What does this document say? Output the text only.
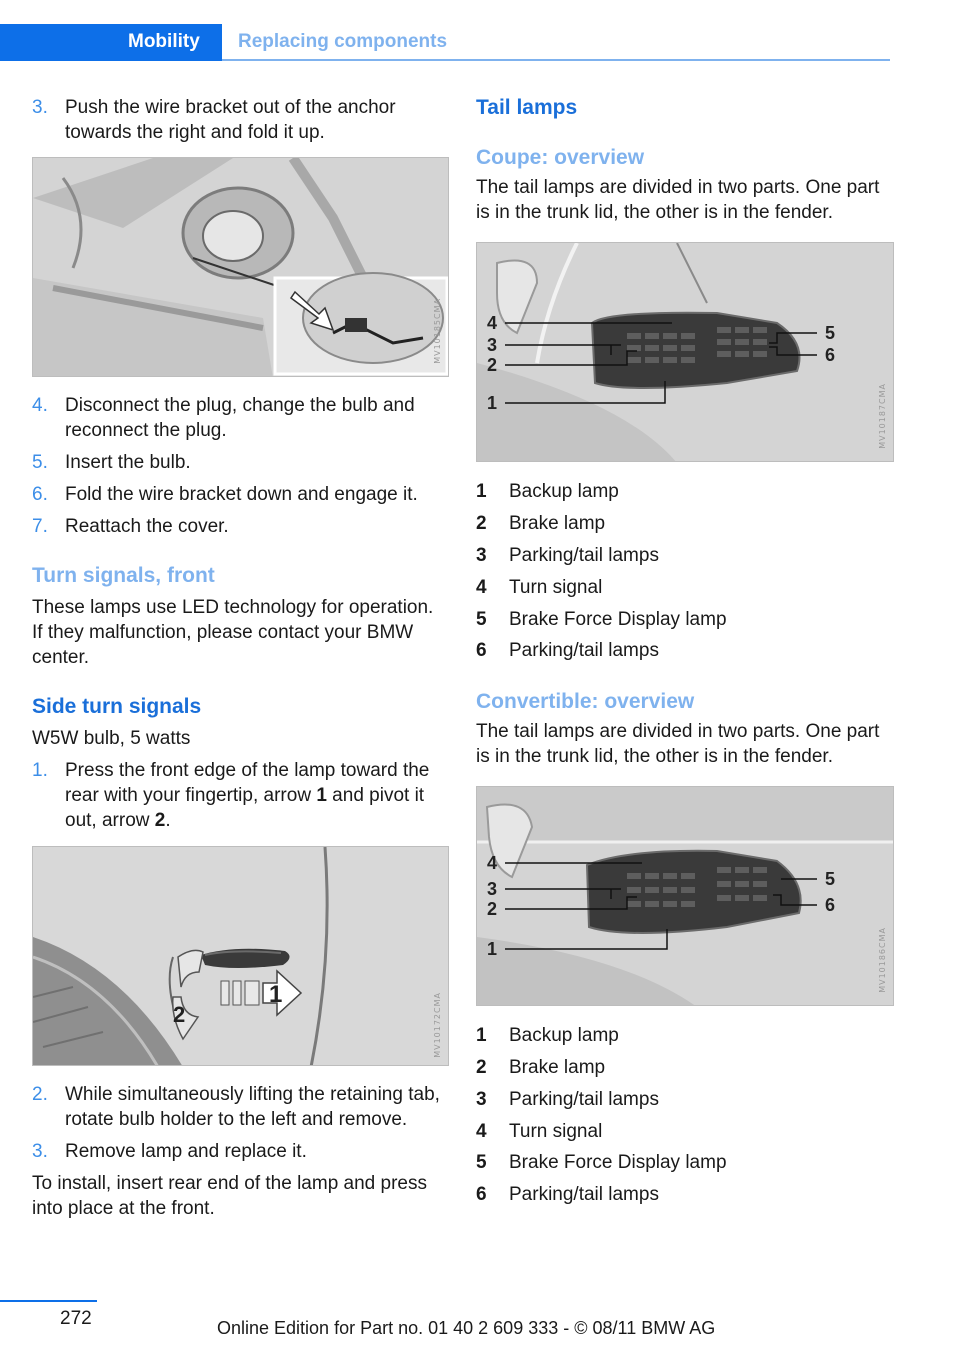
Mobility Replacing components
3. Push the wire bracket out of the anchor towards the right and fold it up.
MV10185CMA
4. Disconnect the plug, change the bulb and reconnect the plug.
5. Insert the bulb.
6. Fold the wire bracket down and engage it.
7. Reattach the cover.
Turn signals, front

These lamps use LED technology for operation. If they malfunction, please contact your BMW center.

Side turn signals

W5W bulb, 5 watts

1. Press the front edge of the lamp toward the rear with your fingertip, arrow 1 and pivot it out, arrow 2.
1
2	MV10172CMA
2. While simultaneously lifting the retaining tab, rotate bulb holder to the left and remove.
3. Remove lamp and replace it.

To install, insert rear end of the lamp and press into place at the front.

Tail lamps
Coupe: overview

The tail lamps are divided in two parts. One part is in the trunk lid, the other is in the fender.

4
3
2
1
5
6
MV10187CMA
1	Backup lamp
2	Brake lamp
3	Parking/tail lamps
4	Turn signal
5	Brake Force Display lamp
6	Parking/tail lamps
Convertible: overview

The tail lamps are divided in two parts. One part is in the trunk lid, the other is in the fender.

4
3
2
1
5
6
MV10186CMA
1	Backup lamp
2	Brake lamp
3	Parking/tail lamps
4	Turn signal
5	Brake Force Display lamp
6	Parking/tail lamps
272	Online Edition for Part no. 01 40 2 609 333 - © 08/11 BMW AG
